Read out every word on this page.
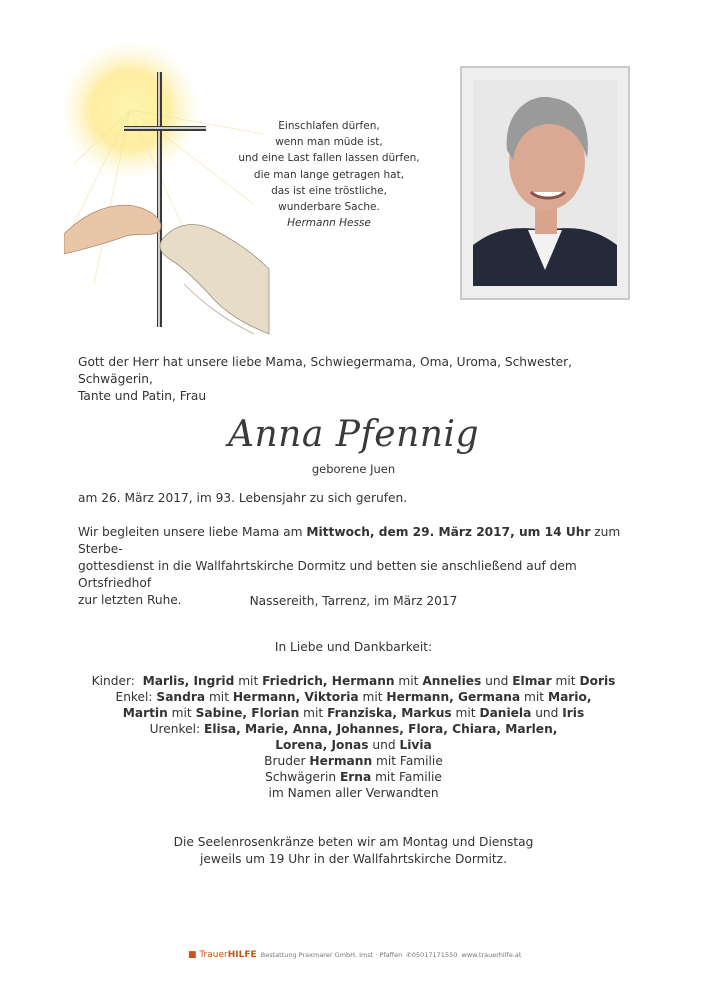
Einschlafen dürfen,
wenn man müde ist,
und eine Last fallen lassen dürfen,
die man lange getragen hat,
das ist eine tröstliche,
wunderbare Sache.
Hermann Hesse
Gott der Herr hat unsere liebe Mama, Schwiegermama, Oma, Uroma, Schwester, Schwägerin,
Tante und Patin, Frau
Anna Pfennig
geborene Juen
am 26. März 2017, im 93. Lebensjahr zu sich gerufen.
Wir begleiten unsere liebe Mama am Mittwoch, dem 29. März 2017, um 14 Uhr zum Sterbe-
gottesdienst in die Wallfahrtskirche Dormitz und betten sie anschließend auf dem Ortsfriedhof
zur letzten Ruhe.	Nassereith, Tarrenz, im März 2017
In Liebe und Dankbarkeit:
Kinder: Marlis, Ingrid mit Friedrich, Hermann mit Annelies und Elmar mit Doris
Enkel: Sandra mit Hermann, Viktoria mit Hermann, Germana mit Mario,
Martin mit Sabine, Florian mit Franziska, Markus mit Daniela und Iris
Urenkel: Elisa, Marie, Anna, Johannes, Flora, Chiara, Marlen,
Lorena, Jonas und Livia
Bruder Hermann mit Familie
Schwägerin Erna mit Familie
im Namen aller Verwandten
Die Seelenrosenkränze beten wir am Montag und Dienstag
jeweils um 19 Uhr in der Wallfahrtskirche Dormitz.
■ TrauerHILFE Bestattung Praxmarer GmbH, Imst · Pfaffen ✆05017171550 www.trauerhilfe.at
